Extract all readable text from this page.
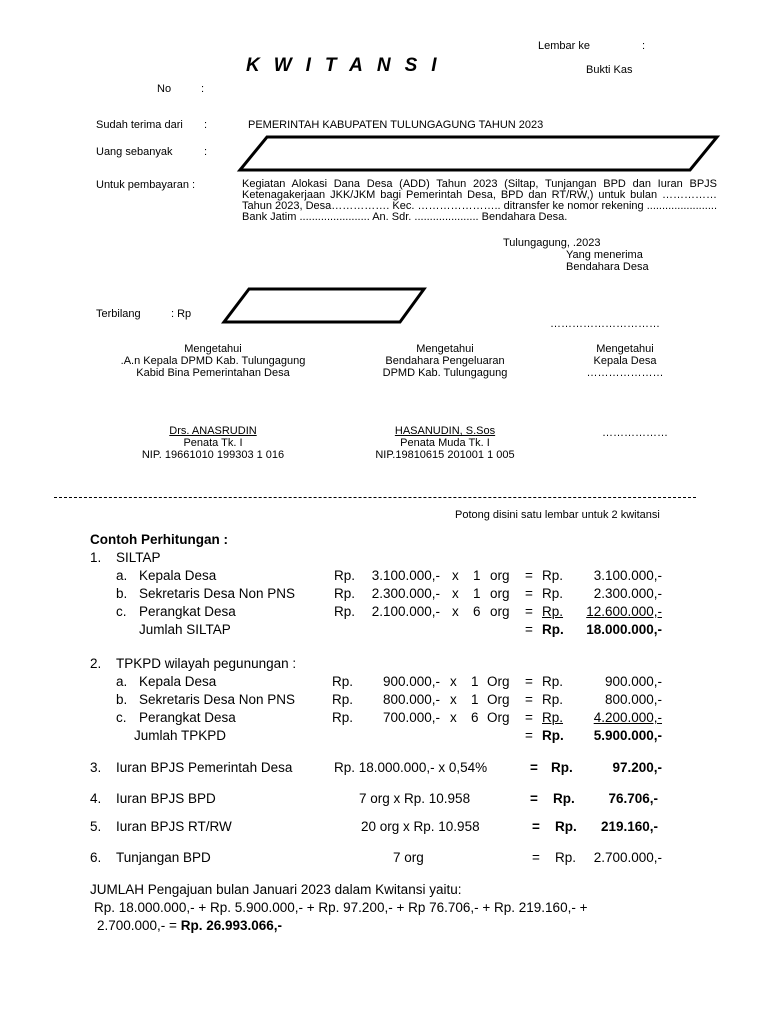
Lembar ke	:
KWITANSI	Bukti Kas
No	:
Sudah terima dari :	PEMERINTAH KABUPATEN TULUNGAGUNG TAHUN 2023
Uang sebanyak	:
Untuk pembayaran :	Kegiatan Alokasi Dana Desa (ADD) Tahun 2023 (Siltap, Tunjangan BPD dan Iuran BPJS Ketenagakerjaan JKK/JKM bagi Pemerintah Desa, BPD dan RT/RW,) untuk bulan ……………Tahun 2023, Desa……………. Kec. ………………….. ditransfer ke nomor rekening ....................... Bank Jatim ....................... An. Sdr. ..................... Bendahara Desa.
Tulungagung, .2023
Yang menerima
Bendahara Desa
Terbilang	: Rp
…………………………
Mengetahui
.A.n Kepala DPMD Kab. Tulungagung
Kabid Bina Pemerintahan Desa
Mengetahui
Bendahara Pengeluaran
DPMD Kab. Tulungagung
Mengetahui
Kepala Desa
…………………
Drs. ANASRUDIN
Penata Tk. I
NIP. 19661010 199303 1 016
HASANUDIN, S.Sos
Penata Muda Tk. I
NIP.19810615 201001 1 005
………………
Potong disini satu lembar untuk 2 kwitansi
Contoh Perhitungan :
1. SILTAP
a. Kepala Desa	Rp.	3.100.000,- x 1 org = Rp.	3.100.000,-
b. Sekretaris Desa Non PNS	Rp.	2.300.000,- x 1 org = Rp.	2.300.000,-
c. Perangkat Desa	Rp.	2.100.000,- x 6 org = Rp.	12.600.000,-
Jumlah SILTAP	= Rp.	18.000.000,-
2. TPKPD wilayah pegunungan :
a. Kepala Desa	Rp.	900.000,- x 1 Org = Rp.	900.000,-
b. Sekretaris Desa Non PNS	Rp.	800.000,- x 1 Org = Rp.	800.000,-
c. Perangkat Desa	Rp.	700.000,- x 6 Org = Rp.	4.200.000,-
Jumlah TPKPD	= Rp.	5.900.000,-
3. Iuran BPJS Pemerintah Desa	Rp. 18.000.000,- x 0,54%	= Rp.	97.200,-
4. Iuran BPJS BPD	7 org x Rp. 10.958	= Rp.	76.706,-
5. Iuran BPJS RT/RW	20 org x Rp. 10.958	= Rp.	219.160,-
6. Tunjangan BPD	7 org	= Rp.	2.700.000,-
JUMLAH Pengajuan bulan Januari 2023 dalam Kwitansi yaitu:
Rp. 18.000.000,- + Rp. 5.900.000,- + Rp. 97.200,- + Rp 76.706,- + Rp. 219.160,- +
2.700.000,- = Rp. 26.993.066,-
